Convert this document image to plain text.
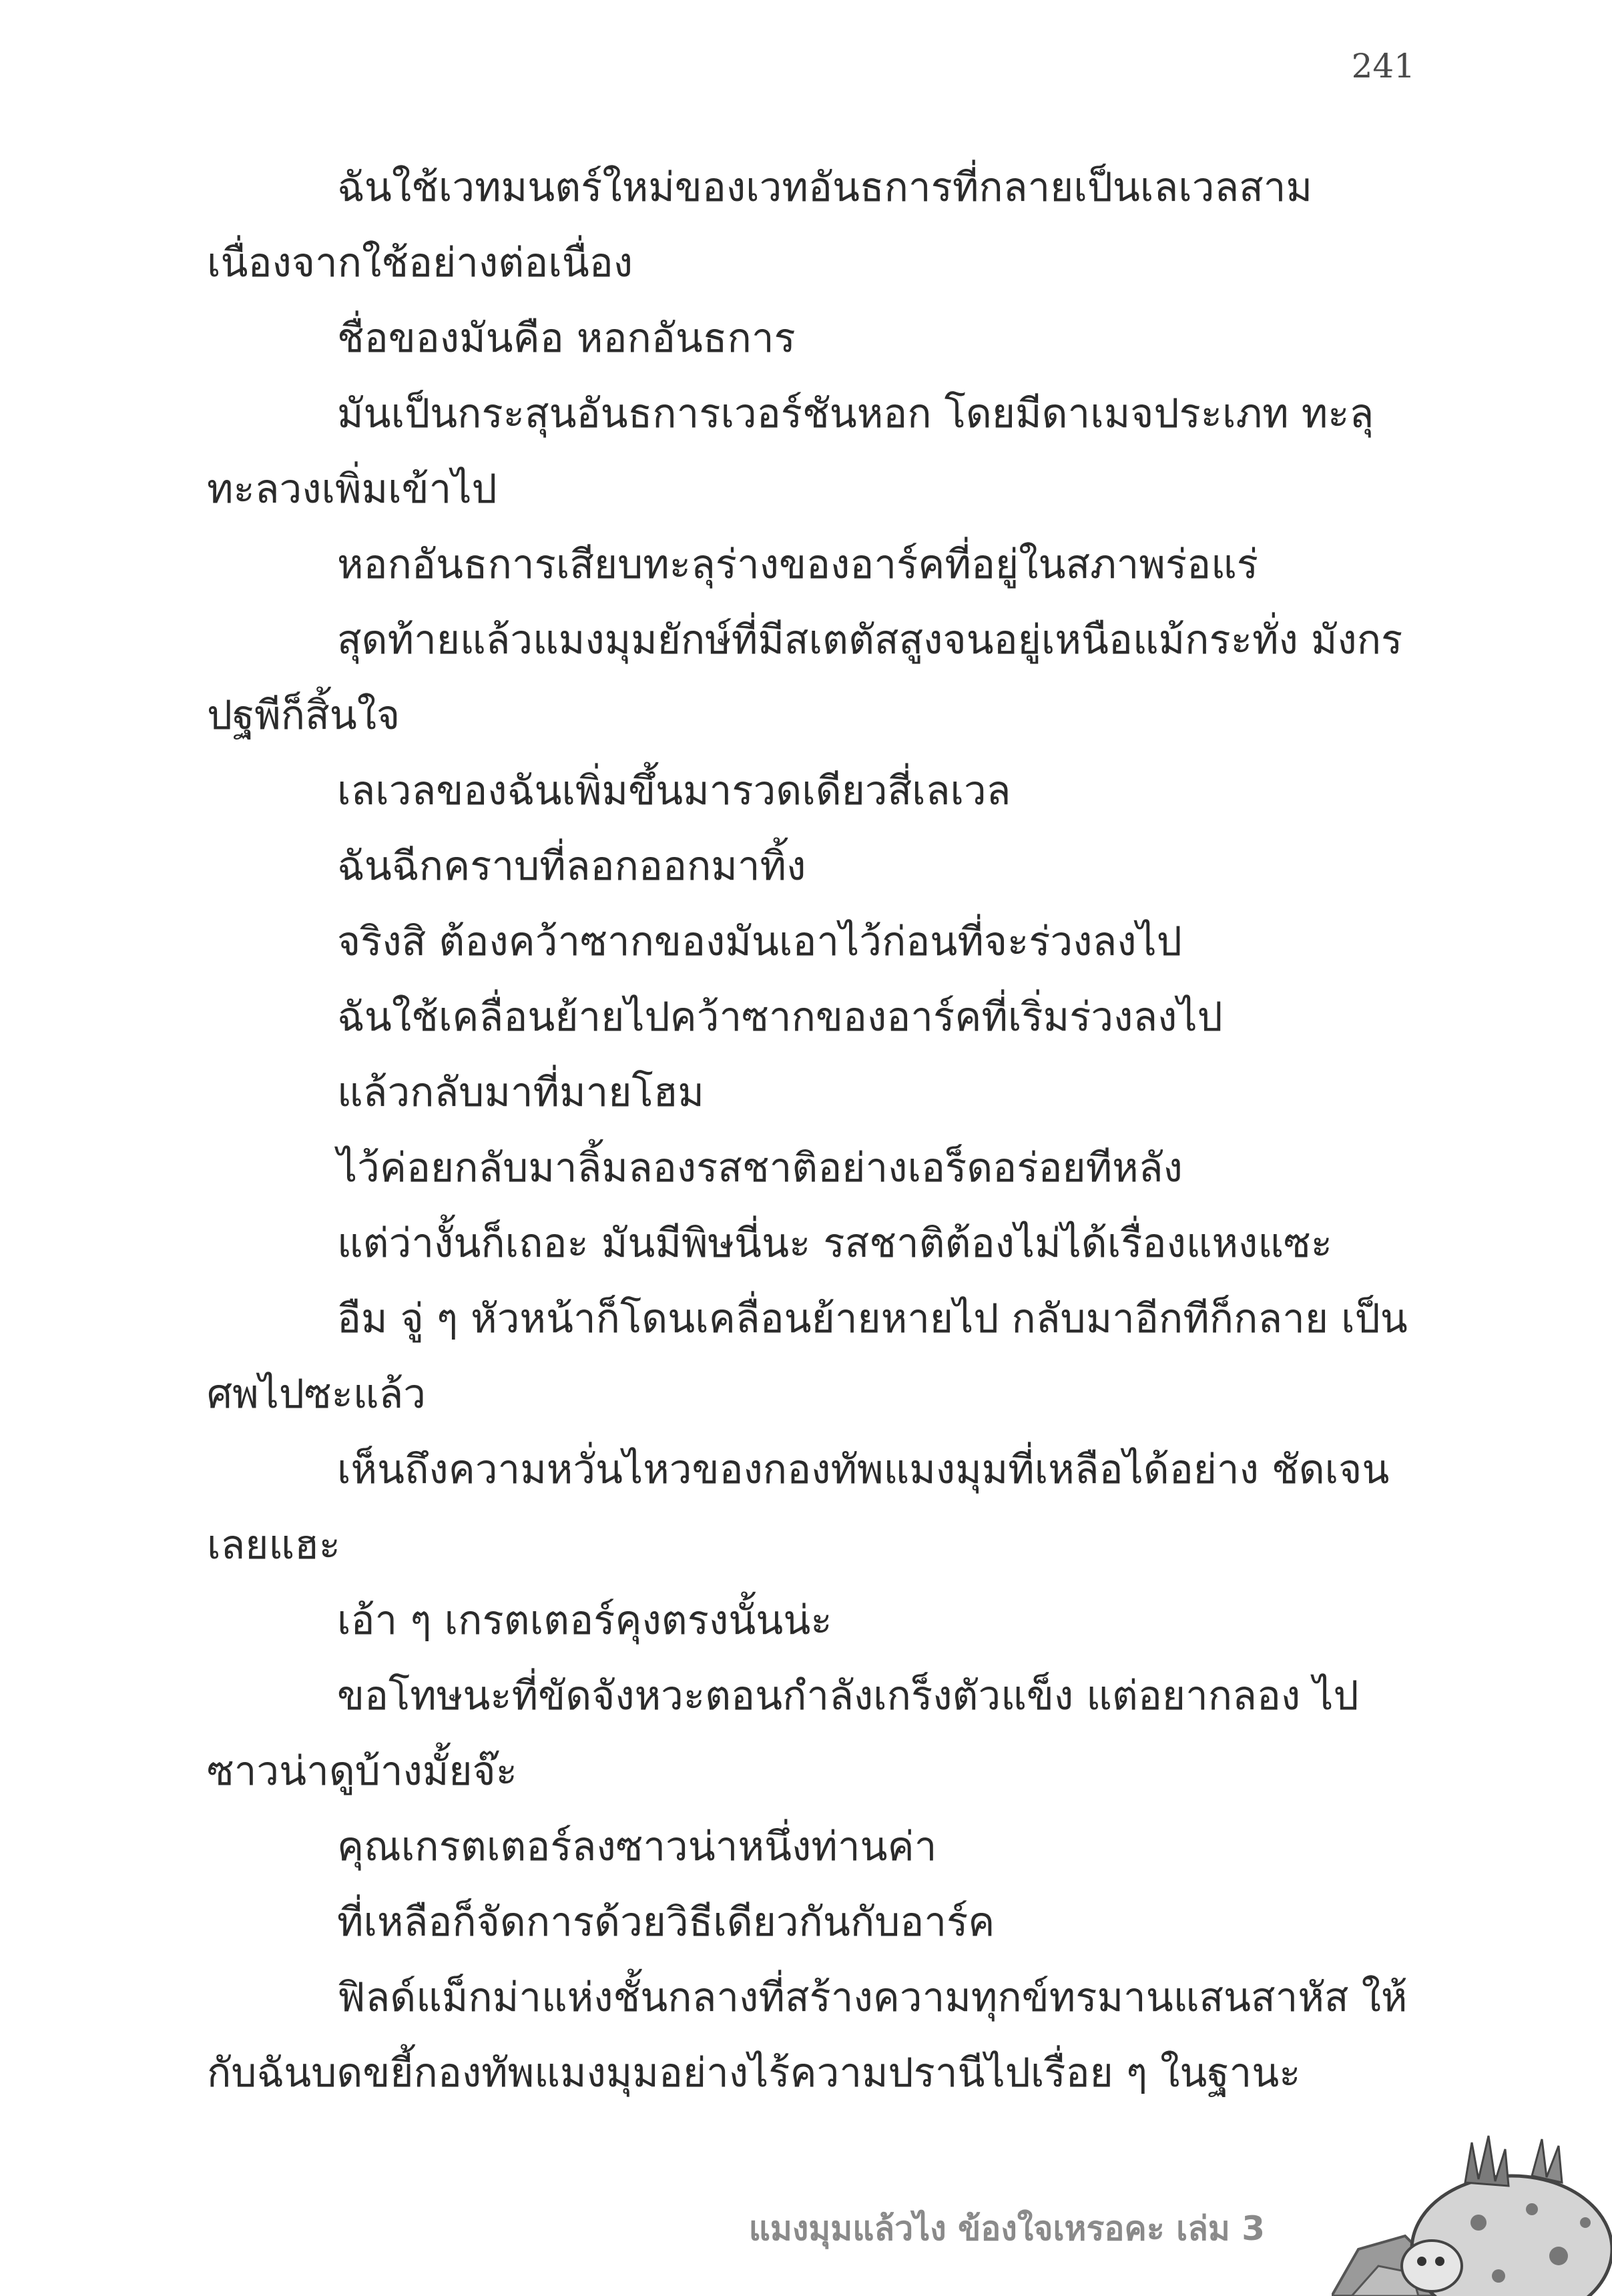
241

ฉันใช้เวทมนตร์ใหม่ของเวทอันธการที่กลายเป็นเลเวลสาม เนื่องจากใช้อย่างต่อเนื่อง

ชื่อของมันคือ หอกอันธการ

มันเป็นกระสุนอันธการเวอร์ชันหอก โดยมีดาเมจประเภท ทะลุทะลวงเพิ่มเข้าไป

หอกอันธการเสียบทะลุร่างของอาร์คที่อยู่ในสภาพร่อแร่

สุดท้ายแล้วแมงมุมยักษ์ที่มีสเตตัสสูงจนอยู่เหนือแม้กระทั่ง มังกรปฐพีก็สิ้นใจ

เลเวลของฉันเพิ่มขึ้นมารวดเดียวสี่เลเวล

ฉันฉีกคราบที่ลอกออกมาทิ้ง

จริงสิ ต้องคว้าซากของมันเอาไว้ก่อนที่จะร่วงลงไป

ฉันใช้เคลื่อนย้ายไปคว้าซากของอาร์คที่เริ่มร่วงลงไป

แล้วกลับมาที่มายโฮม

ไว้ค่อยกลับมาลิ้มลองรสชาติอย่างเอร็ดอร่อยทีหลัง

แต่ว่างั้นก็เถอะ มันมีพิษนี่นะ รสชาติต้องไม่ได้เรื่องแหงแซะ

อืม จู่ ๆ หัวหน้าก็โดนเคลื่อนย้ายหายไป กลับมาอีกทีก็กลาย เป็นศพไปซะแล้ว

เห็นถึงความหวั่นไหวของกองทัพแมงมุมที่เหลือได้อย่าง ชัดเจนเลยแฮะ

เอ้า ๆ เกรตเตอร์คุงตรงนั้นน่ะ

ขอโทษนะที่ขัดจังหวะตอนกำลังเกร็งตัวแข็ง แต่อยากลอง ไปซาวน่าดูบ้างมั้ยจ๊ะ

คุณเกรตเตอร์ลงซาวน่าหนึ่งท่านค่า

ที่เหลือก็จัดการด้วยวิธีเดียวกันกับอาร์ค

ฟิลด์แม็กม่าแห่งชั้นกลางที่สร้างความทุกข์ทรมานแสนสาหัส ให้กับฉันบดขยี้กองทัพแมงมุมอย่างไร้ความปรานีไปเรื่อย ๆ ในฐานะ

แมงมุมแล้วไง ข้องใจเหรอคะ เล่ม 3
